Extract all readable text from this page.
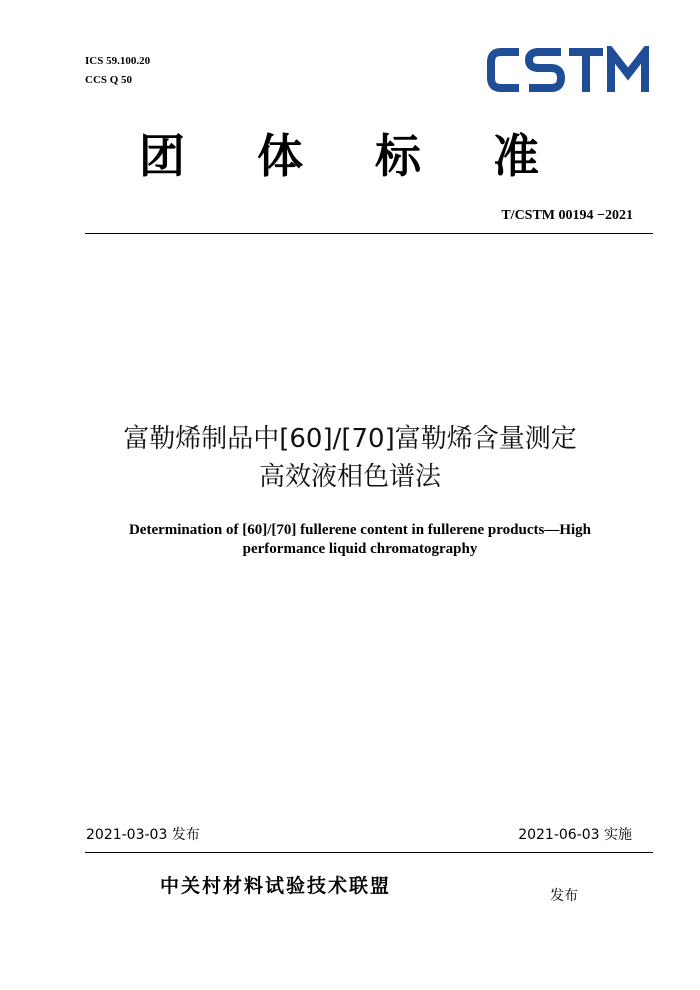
ICS 59.100.20
CCS Q 50
团 体 标 准
T/CSTM 00194 −2021
富勒烯制品中[60]/[70]富勒烯含量测定
高效液相色谱法
Determination of [60]/[70] fullerene content in fullerene products—High
performance liquid chromatography
2021-03-03 发布	2021-06-03 实施
中关村材料试验技术联盟	发布
